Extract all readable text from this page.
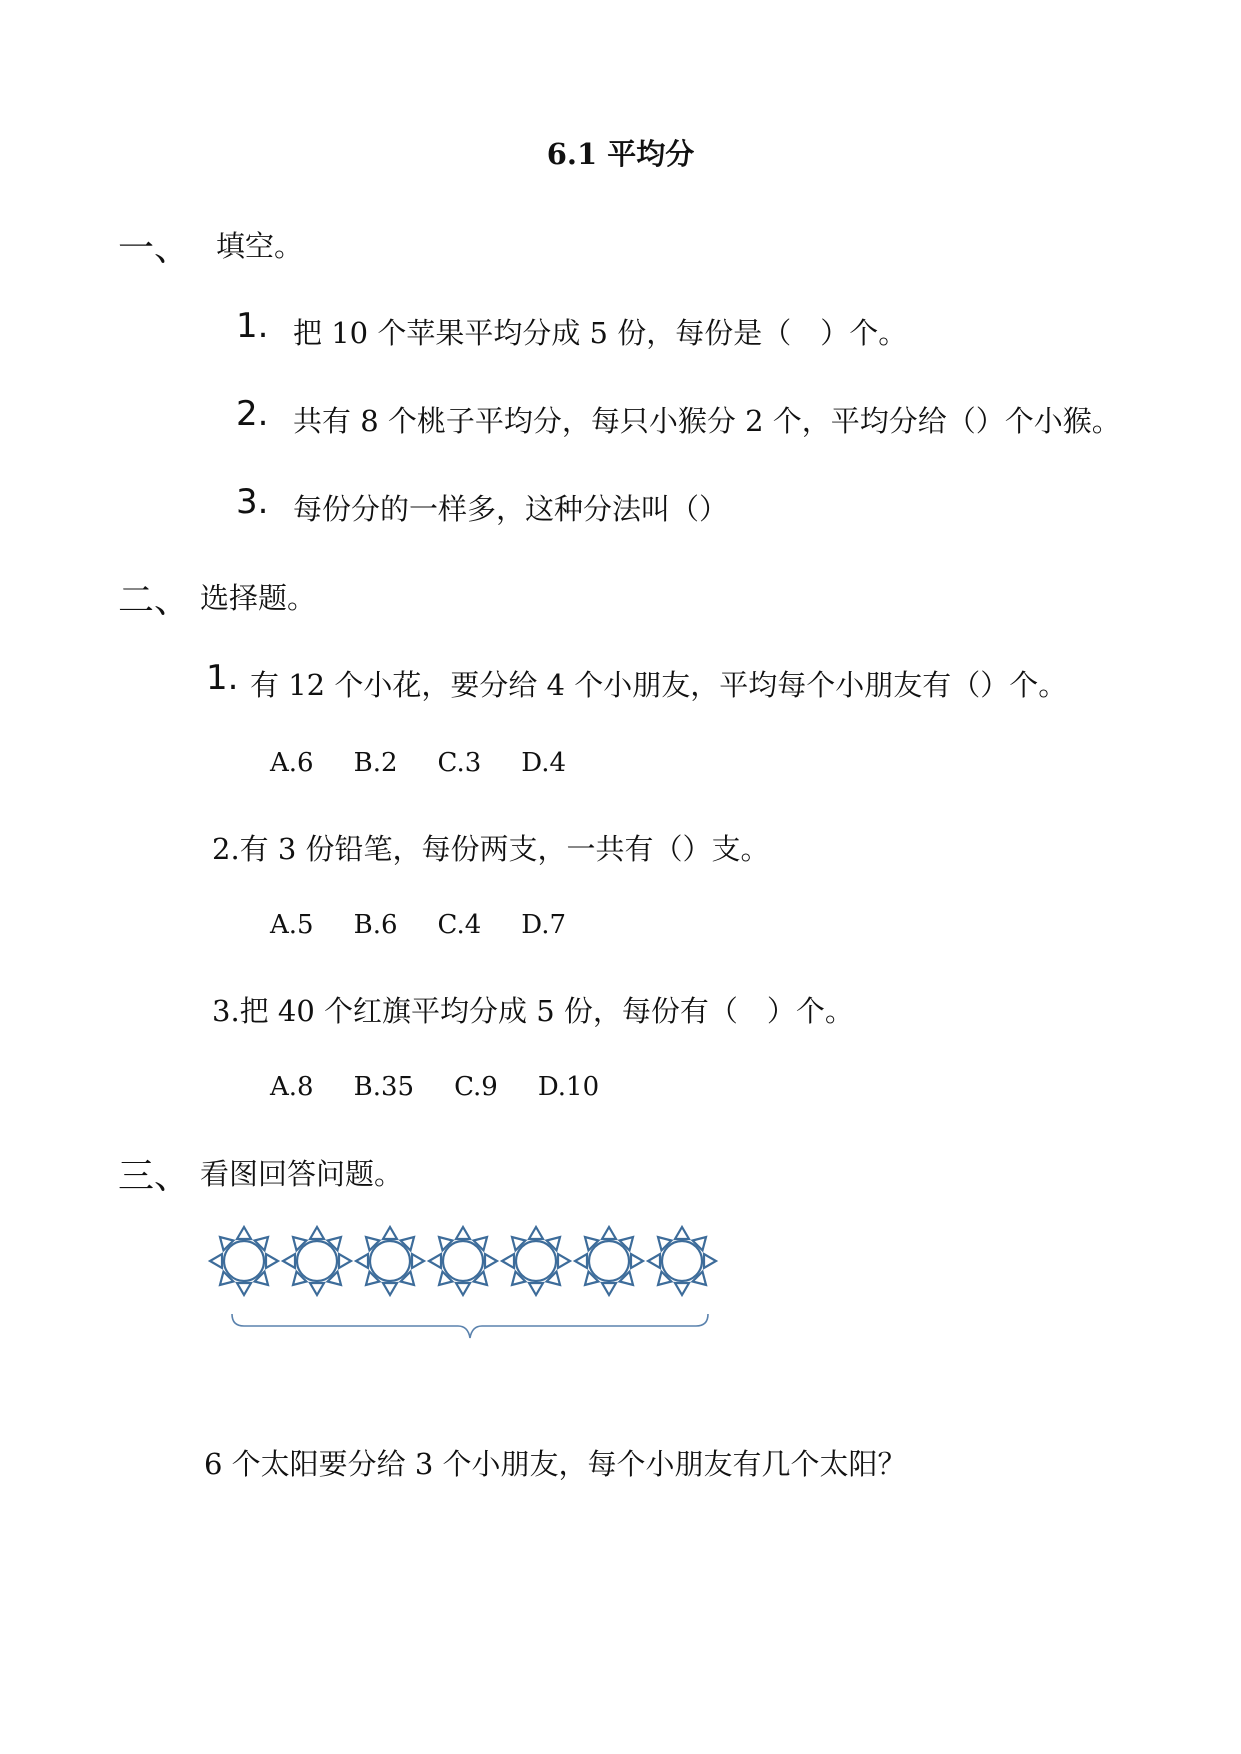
6.1 平均分
一、 填空。
1. 把 10 个苹果平均分成 5 份，每份是（　）个。
2. 共有 8 个桃子平均分，每只小猴分 2 个，平均分给（）个小猴。
3. 每份分的一样多，这种分法叫（）
二、 选择题。
1. 有 12 个小花，要分给 4 个小朋友，平均每个小朋友有（）个。
A.6 B.2 C.3 D.4
2.有 3 份铅笔，每份两支，一共有（）支。
A.5 B.6 C.4 D.7
3.把 40 个红旗平均分成 5 份，每份有（　）个。
A.8 B.35 C.9 D.10
三、 看图回答问题。
6 个太阳要分给 3 个小朋友，每个小朋友有几个太阳？
